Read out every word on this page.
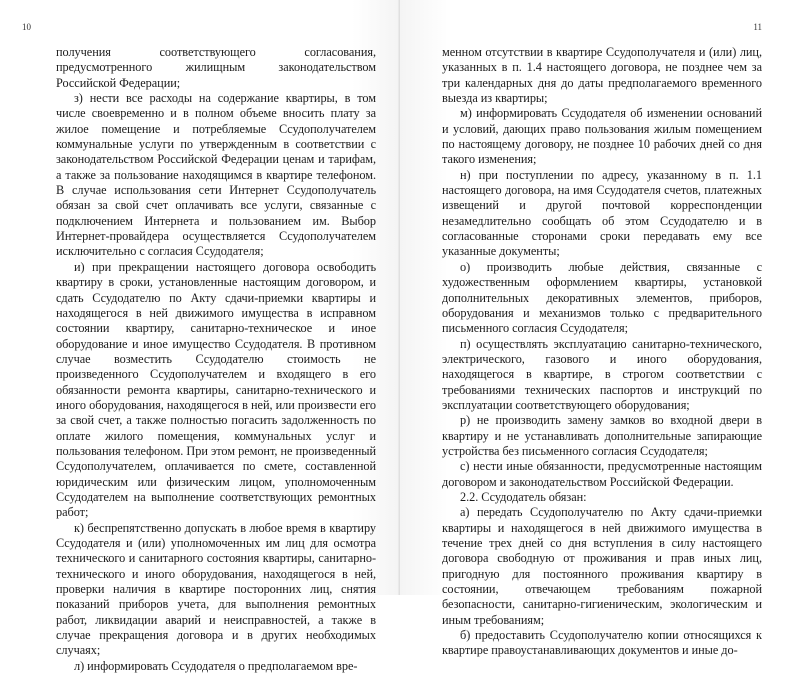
10

получения соответствующего согласования, предусмотренного жилищным законодательством Российской Федерации;

з) нести все расходы на содержание квартиры, в том числе своевременно и в полном объеме вносить плату за жилое помещение и потребляемые Ссудополучателем коммунальные услуги по утвержденным в соответствии с законодательством Российской Федерации ценам и тарифам, а также за пользование находящимся в квартире телефоном. В случае использования сети Интернет Ссудополучатель обязан за свой счет оплачивать все услуги, связанные с подключением Интернета и пользованием им. Выбор Интернет-провайдера осуществляется Ссудополучателем исключительно с согласия Ссудодателя;

и) при прекращении настоящего договора освободить квартиру в сроки, установленные настоящим договором, и сдать Ссудодателю по Акту сдачи-приемки квартиры и находящегося в ней движимого имущества в исправном состоянии квартиру, санитарно-техническое и иное оборудование и иное имущество Ссудодателя. В противном случае возместить Ссудодателю стоимость не произведенного Ссудополучателем и входящего в его обязанности ремонта квартиры, санитарно-технического и иного оборудования, находящегося в ней, или произвести его за свой счет, а также полностью погасить задолженность по оплате жилого помещения, коммунальных услуг и пользования телефоном. При этом ремонт, не произведенный Ссудополучателем, оплачивается по смете, составленной юридическим или физическим лицом, уполномоченным Ссудодателем на выполнение соответствующих ремонтных работ;

к) беспрепятственно допускать в любое время в квартиру Ссудодателя и (или) уполномоченных им лиц для осмотра технического и санитарного состояния квартиры, санитарно-технического и иного оборудования, находящегося в ней, проверки наличия в квартире посторонних лиц, снятия показаний приборов учета, для выполнения ремонтных работ, ликвидации аварий и неисправностей, а также в случае прекращения договора и в других необходимых случаях;

л) информировать Ссудодателя о предполагаемом вре-

11

менном отсутствии в квартире Ссудополучателя и (или) лиц, указанных в п. 1.4 настоящего договора, не позднее чем за три календарных дня до даты предполагаемого временного выезда из квартиры;

м) информировать Ссудодателя об изменении оснований и условий, дающих право пользования жилым помещением по настоящему договору, не позднее 10 рабочих дней со дня такого изменения;

н) при поступлении по адресу, указанному в п. 1.1 настоящего договора, на имя Ссудодателя счетов, платежных извещений и другой почтовой корреспонденции незамедлительно сообщать об этом Ссудодателю и в согласованные сторонами сроки передавать ему все указанные документы;

о) производить любые действия, связанные с художественным оформлением квартиры, установкой дополнительных декоративных элементов, приборов, оборудования и механизмов только с предварительного письменного согласия Ссудодателя;

п) осуществлять эксплуатацию санитарно-технического, электрического, газового и иного оборудования, находящегося в квартире, в строгом соответствии с требованиями технических паспортов и инструкций по эксплуатации соответствующего оборудования;

р) не производить замену замков во входной двери в квартиру и не устанавливать дополнительные запирающие устройства без письменного согласия Ссудодателя;

с) нести иные обязанности, предусмотренные настоящим договором и законодательством Российской Федерации.

2.2. Ссудодатель обязан:

а) передать Ссудополучателю по Акту сдачи-приемки квартиры и находящегося в ней движимого имущества в течение трех дней со дня вступления в силу настоящего договора свободную от проживания и прав иных лиц, пригодную для постоянного проживания квартиру в состоянии, отвечающем требованиям пожарной безопасности, санитарно-гигиеническим, экологическим и иным требованиям;

б) предоставить Ссудополучателю копии относящихся к квартире правоустанавливающих документов и иные до-
